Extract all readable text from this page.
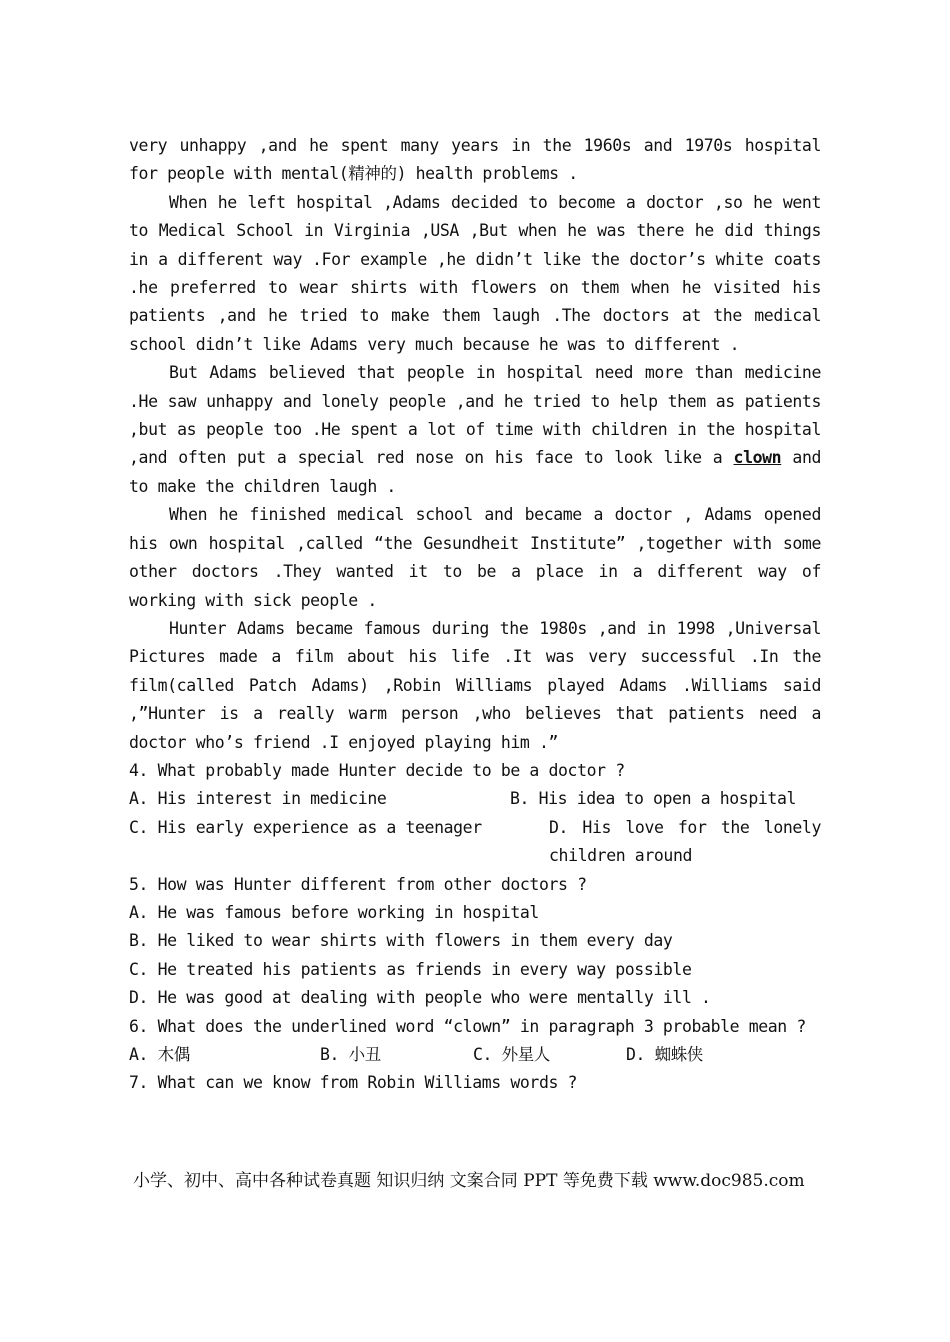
very unhappy ,and he spent many years in the 1960s and 1970s hospital for people with mental(精神的) health problems .

When he left hospital ,Adams decided to become a doctor ,so he went to Medical School in Virginia ,USA ,But when he was there he did things in a different way .For example ,he didn’t like the doctor’s white coats .he preferred to wear shirts with flowers on them when he visited his patients ,and he tried to make them laugh .The doctors at the medical school didn’t like Adams very much because he was to different .

But Adams believed that people in hospital need more than medicine .He saw unhappy and lonely people ,and he tried to help them as patients ,but as people too .He spent a lot of time with children in the hospital ,and often put a special red nose on his face to look like a clown and to make the children laugh .

When he finished medical school and became a doctor , Adams opened his own hospital ,called “the Gesundheit Institute” ,together with some other doctors .They wanted it to be a place in a different way of working with sick people .

Hunter Adams became famous during the 1980s ,and in 1998 ,Universal Pictures made a film about his life .It was very successful .In the film(called Patch Adams) ,Robin Williams played Adams .Williams said ,”Hunter is a really warm person ,who believes that patients need a doctor who’s friend .I enjoyed playing him .”

4. What probably made Hunter decide to be a doctor ?

A. His interest in medicine	B. His idea to open a hospital
C. His early experience as a teenager	D. His love for the lonely children around

5. How was Hunter different from other doctors ?

A. He was famous before working in hospital

B. He liked to wear shirts with flowers in them every day

C. He treated his patients as friends in every way possible

D. He was good at dealing with people who were mentally ill .

6. What does the underlined word “clown” in paragraph 3 probable mean ?

A. 木偶	B. 小丑	C. 外星人	D. 蜘蛛侠

7. What can we know from Robin Williams words ?

小学、初中、高中各种试卷真题 知识归纳 文案合同 PPT 等免费下载 www.doc985.com
